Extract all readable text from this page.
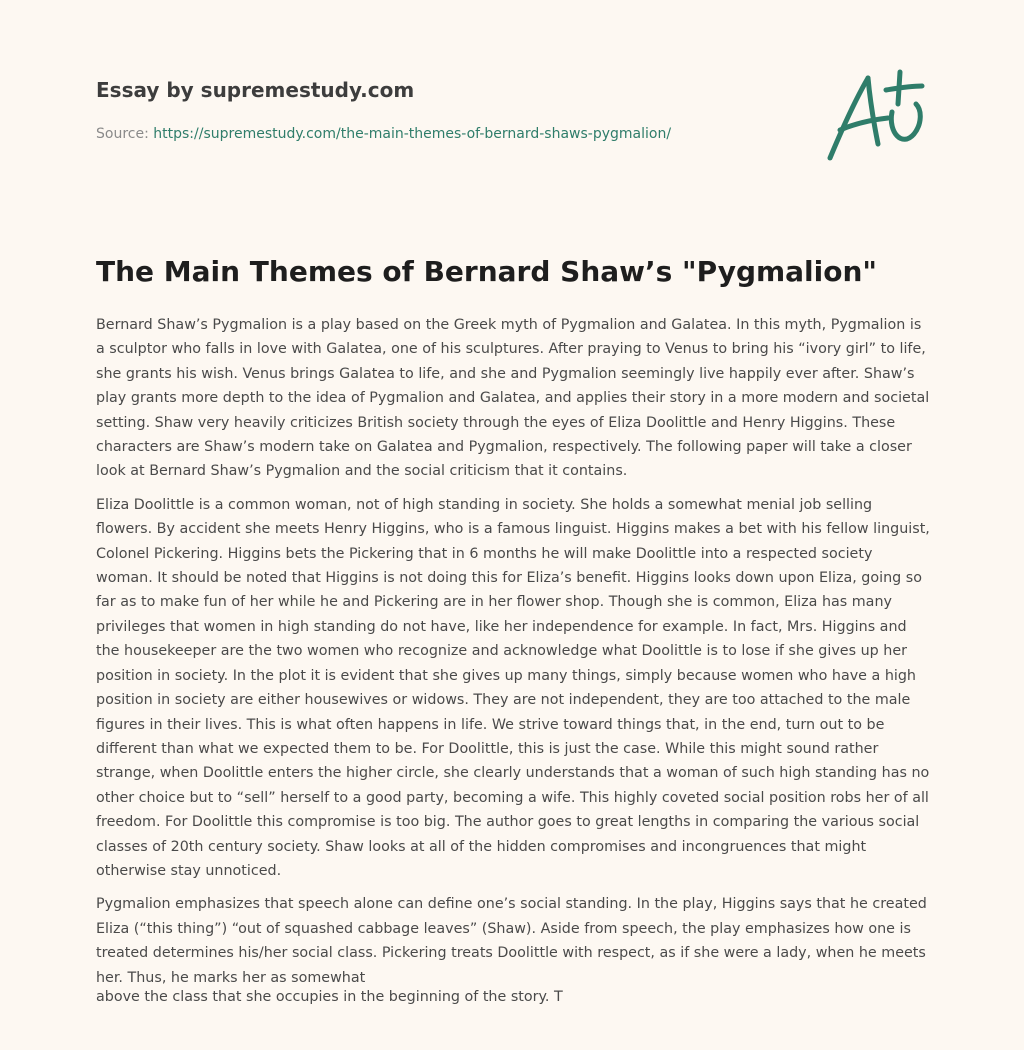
Essay by supremestudy.com
Source: https://supremestudy.com/the-main-themes-of-bernard-shaws-pygmalion/
The Main Themes of Bernard Shaw’s "Pygmalion"

Bernard Shaw’s Pygmalion is a play based on the Greek myth of Pygmalion and Galatea. In this myth, Pygmalion is a sculptor who falls in love with Galatea, one of his sculptures. After praying to Venus to bring his “ivory girl” to life, she grants his wish. Venus brings Galatea to life, and she and Pygmalion seemingly live happily ever after. Shaw’s play grants more depth to the idea of Pygmalion and Galatea, and applies their story in a more modern and societal setting. Shaw very heavily criticizes British society through the eyes of Eliza Doolittle and Henry Higgins. These characters are Shaw’s modern take on Galatea and Pygmalion, respectively. The following paper will take a closer look at Bernard Shaw’s Pygmalion and the social criticism that it contains.

Eliza Doolittle is a common woman, not of high standing in society. She holds a somewhat menial job selling flowers. By accident she meets Henry Higgins, who is a famous linguist. Higgins makes a bet with his fellow linguist, Colonel Pickering. Higgins bets the Pickering that in 6 months he will make Doolittle into a respected society woman. It should be noted that Higgins is not doing this for Eliza’s benefit. Higgins looks down upon Eliza, going so far as to make fun of her while he and Pickering are in her flower shop. Though she is common, Eliza has many privileges that women in high standing do not have, like her independence for example. In fact, Mrs. Higgins and the housekeeper are the two women who recognize and acknowledge what Doolittle is to lose if she gives up her position in society. In the plot it is evident that she gives up many things, simply because women who have a high position in society are either housewives or widows. They are not independent, they are too attached to the male figures in their lives. This is what often happens in life. We strive toward things that, in the end, turn out to be different than what we expected them to be. For Doolittle, this is just the case. While this might sound rather strange, when Doolittle enters the higher circle, she clearly understands that a woman of such high standing has no other choice but to “sell” herself to a good party, becoming a wife. This highly coveted social position robs her of all freedom. For Doolittle this compromise is too big. The author goes to great lengths in comparing the various social classes of 20th century society. Shaw looks at all of the hidden compromises and incongruences that might otherwise stay unnoticed.

Pygmalion emphasizes that speech alone can define one’s social standing. In the play, Higgins says that he created Eliza (“this thing”) “out of squashed cabbage leaves” (Shaw). Aside from speech, the play emphasizes how one is treated determines his/her social class. Pickering treats Doolittle with respect, as if she were a lady, when he meets her. Thus, he marks her as somewhat

above the class that she occupies in the beginning of the story. T
